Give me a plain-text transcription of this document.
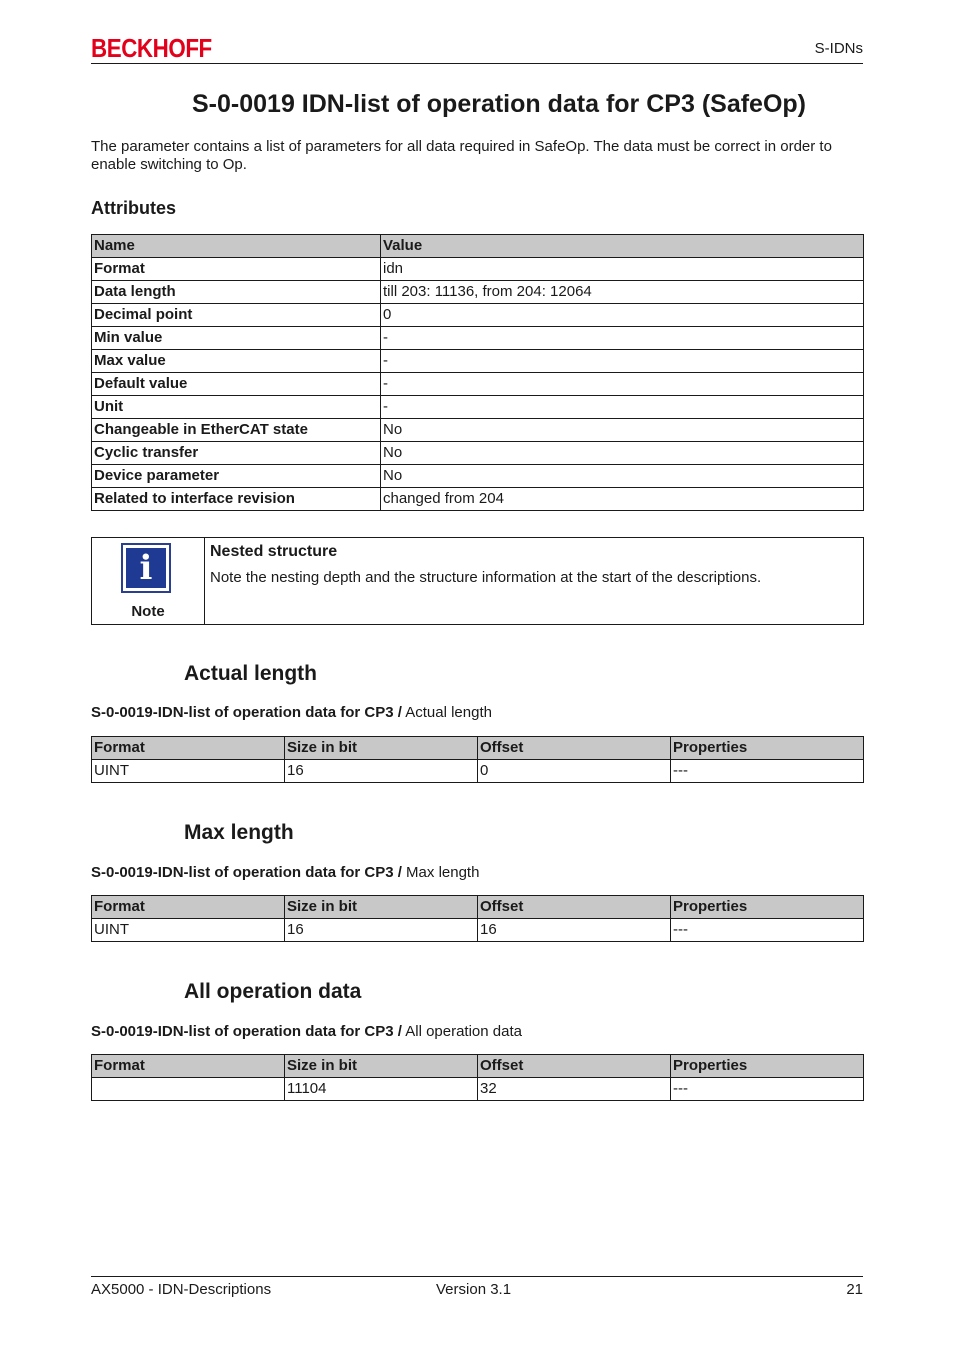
BECKHOFF	S-IDNs
S-0-0019 IDN-list of operation data for CP3 (SafeOp)

The parameter contains a list of parameters for all data required in SafeOp. The data must be correct in order to enable switching to Op.

Attributes
Name	Value
Format	idn
Data length	till 203: 11136, from 204: 12064
Decimal point	0
Min value	-
Max value	-
Default value	-
Unit	-
Changeable in EtherCAT state	No
Cyclic transfer	No
Device parameter	No
Related to interface revision	changed from 204
i
Note
Nested structure
Note the nesting depth and the structure information at the start of the descriptions.
Actual length

S-0-0019-IDN-list of operation data for CP3 / Actual length

Format	Size in bit	Offset	Properties
UINT	16	0	---
Max length

S-0-0019-IDN-list of operation data for CP3 / Max length

Format	Size in bit	Offset	Properties
UINT	16	16	---
All operation data

S-0-0019-IDN-list of operation data for CP3 / All operation data

Format	Size in bit	Offset	Properties
	11104	32	---
AX5000 - IDN-Descriptions	Version 3.1	21
